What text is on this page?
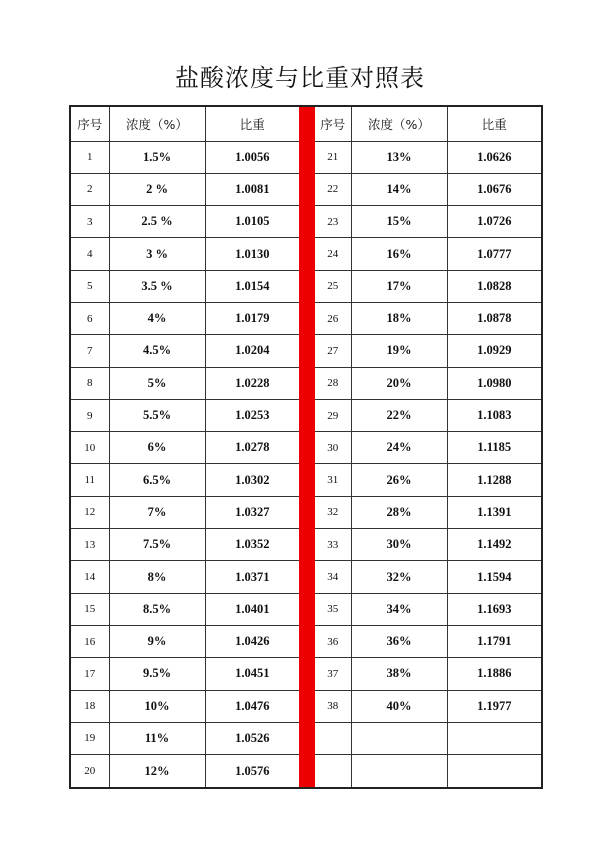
盐酸浓度与比重对照表
序号	浓度（%）	比重
1	1.5%	1.0056
2	2 %	1.0081
3	2.5 %	1.0105
4	3 %	1.0130
5	3.5 %	1.0154
6	4%	1.0179
7	4.5%	1.0204
8	5%	1.0228
9	5.5%	1.0253
10	6%	1.0278
11	6.5%	1.0302
12	7%	1.0327
13	7.5%	1.0352
14	8%	1.0371
15	8.5%	1.0401
16	9%	1.0426
17	9.5%	1.0451
18	10%	1.0476
19	11%	1.0526
20	12%	1.0576
序号	浓度（%）	比重
21	13%	1.0626
22	14%	1.0676
23	15%	1.0726
24	16%	1.0777
25	17%	1.0828
26	18%	1.0878
27	19%	1.0929
28	20%	1.0980
29	22%	1.1083
30	24%	1.1185
31	26%	1.1288
32	28%	1.1391
33	30%	1.1492
34	32%	1.1594
35	34%	1.1693
36	36%	1.1791
37	38%	1.1886
38	40%	1.1977
